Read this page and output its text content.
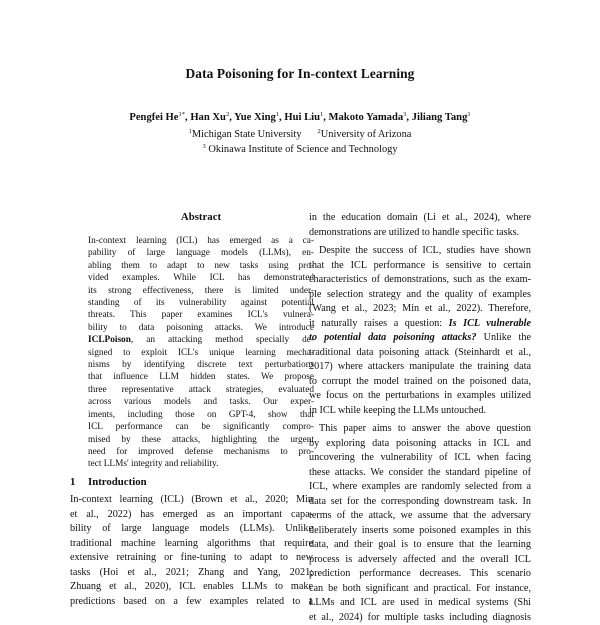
Data Poisoning for In-context Learning
Pengfei $He^{1*}$, Han Xu$^2$, Yue Xing$^1$, Hui Liu$^1$, Makoto Yamada$^3$, Jiliang Tang$^1$
$^1$Michigan State University $^2$University of Arizona
$^3$ Okinawa Institute of Science and Technology
Abstract
In-context learning (ICL) has emerged as a ca-
pability of large language models (LLMs), en-
abling them to adapt to new tasks using pro-
vided examples. While ICL has demonstrated
its strong effectiveness, there is limited under-
standing of its vulnerability against potential
threats. This paper examines ICL's vulnera-
bility to data poisoning attacks. We introduce
ICLPoison, an attacking method specially de-
signed to exploit ICL's unique learning mecha-
nisms by identifying discrete text perturbations
that influence LLM hidden states. We propose
three representative attack strategies, evaluated
across various models and tasks. Our exper-
iments, including those on GPT-4, show that
ICL performance can be significantly compro-
mised by these attacks, highlighting the urgent
need for improved defense mechanisms to pro-
tect LLMs' integrity and reliability.
1 Introduction
In-context learning (ICL) (Brown et al., 2020; Min
et al., 2022) has emerged as an important capa-
bility of large language models (LLMs). Unlike
traditional machine learning algorithms that require
extensive retraining or fine-tuning to adapt to new
tasks (Hoi et al., 2021; Zhang and Yang, 2021;
Zhuang et al., 2020), ICL enables LLMs to make
predictions based on a few examples related to a
in the education domain (Li et al., 2024), where
demonstrations are utilized to handle specific tasks.
Despite the success of ICL, studies have shown
that the ICL performance is sensitive to certain
characteristics of demonstrations, such as the exam-
ple selection strategy and the quality of examples
(Wang et al., 2023; Min et al., 2022). Therefore,
it naturally raises a question: Is ICL vulnerable
to potential data poisoning attacks? Unlike the
traditional data poisoning attack (Steinhardt et al.,
2017) where attackers manipulate the training data
to corrupt the model trained on the poisoned data,
we focus on the perturbations in examples utilized
in ICL while keeping the LLMs untouched.
This paper aims to answer the above question
by exploring data poisoning attacks in ICL and
uncovering the vulnerability of ICL when facing
these attacks. We consider the standard pipeline of
ICL, where examples are randomly selected from a
data set for the corresponding downstream task. In
terms of the attack, we assume that the adversary
deliberately inserts some poisoned examples in this
data, and their goal is to ensure that the learning
process is adversely affected and the overall ICL
prediction performance decreases. This scenario
can be both significant and practical. For instance,
LLMs and ICL are used in medical systems (Shi
et al., 2024) for multiple tasks including diagnosis
